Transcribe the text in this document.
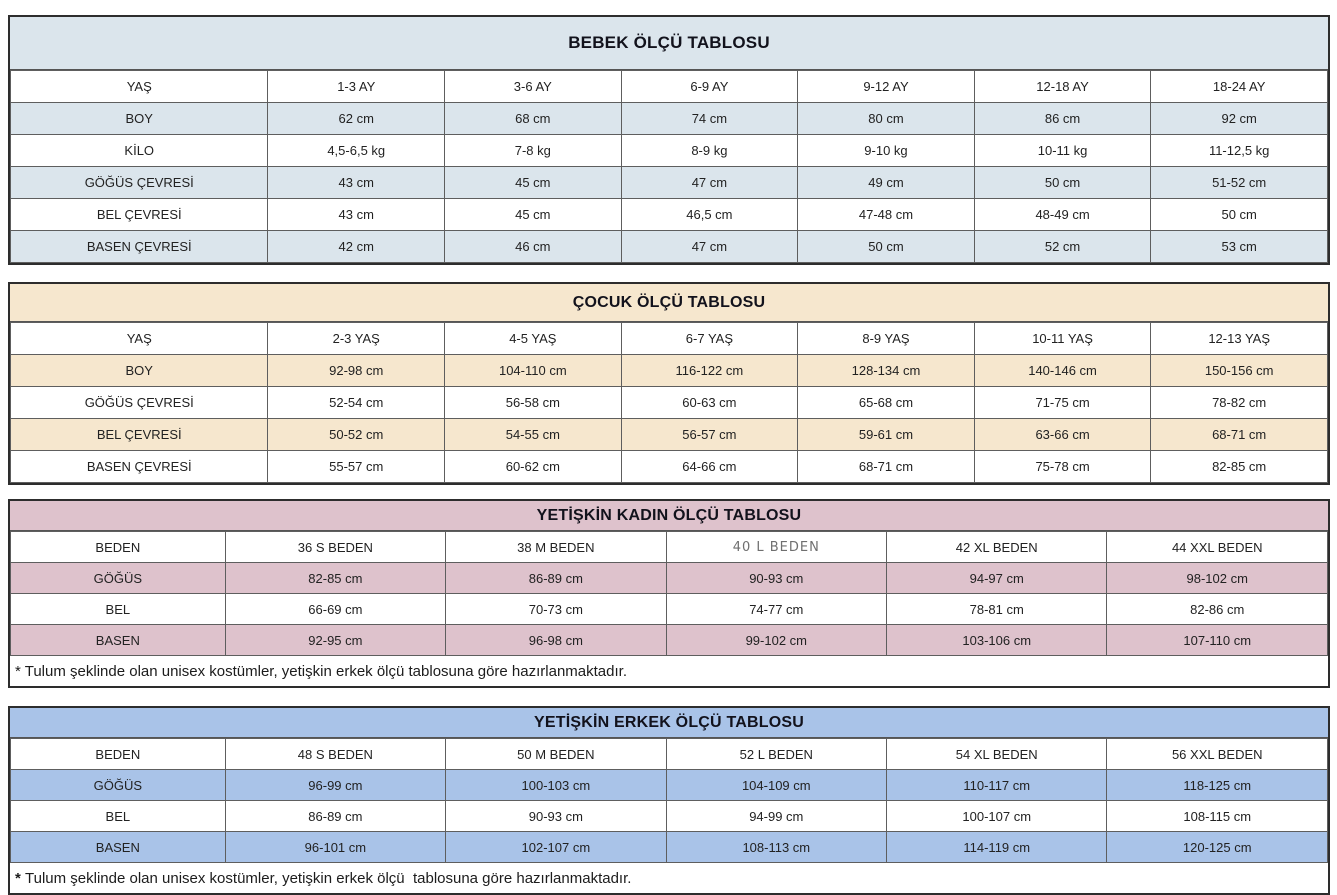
BEBEK ÖLÇÜ TABLOSU
YAŞ	1-3 AY	3-6 AY	6-9 AY	9-12 AY	12-18 AY	18-24 AY
BOY	62 cm	68 cm	74 cm	80 cm	86 cm	92 cm
KİLO	4,5-6,5 kg	7-8 kg	8-9 kg	9-10 kg	10-11 kg	11-12,5 kg
GÖĞÜS ÇEVRESİ	43 cm	45 cm	47 cm	49 cm	50 cm	51-52 cm
BEL ÇEVRESİ	43 cm	45 cm	46,5 cm	47-48 cm	48-49 cm	50 cm
BASEN ÇEVRESİ	42 cm	46 cm	47 cm	50 cm	52 cm	53 cm
ÇOCUK ÖLÇÜ TABLOSU
YAŞ	2-3 YAŞ	4-5 YAŞ	6-7 YAŞ	8-9 YAŞ	10-11 YAŞ	12-13 YAŞ
BOY	92-98 cm	104-110 cm	116-122 cm	128-134 cm	140-146 cm	150-156 cm
GÖĞÜS ÇEVRESİ	52-54 cm	56-58 cm	60-63 cm	65-68 cm	71-75 cm	78-82 cm
BEL ÇEVRESİ	50-52 cm	54-55 cm	56-57 cm	59-61 cm	63-66 cm	68-71 cm
BASEN ÇEVRESİ	55-57 cm	60-62 cm	64-66 cm	68-71 cm	75-78 cm	82-85 cm
YETİŞKİN KADIN ÖLÇÜ TABLOSU
BEDEN	36 S BEDEN	38 M BEDEN	40 L BEDEN	42 XL BEDEN	44 XXL BEDEN
GÖĞÜS	82-85 cm	86-89 cm	90-93 cm	94-97 cm	98-102 cm
BEL	66-69 cm	70-73 cm	74-77 cm	78-81 cm	82-86 cm
BASEN	92-95 cm	96-98 cm	99-102 cm	103-106 cm	107-110 cm
* Tulum şeklinde olan unisex kostümler, yetişkin erkek ölçü tablosuna göre hazırlanmaktadır.
YETİŞKİN ERKEK ÖLÇÜ TABLOSU
BEDEN	48 S BEDEN	50 M BEDEN	52 L BEDEN	54 XL BEDEN	56 XXL BEDEN
GÖĞÜS	96-99 cm	100-103 cm	104-109 cm	110-117 cm	118-125 cm
BEL	86-89 cm	90-93 cm	94-99 cm	100-107 cm	108-115 cm
BASEN	96-101 cm	102-107 cm	108-113 cm	114-119 cm	120-125 cm
* Tulum şeklinde olan unisex kostümler, yetişkin erkek ölçü  tablosuna göre hazırlanmaktadır.
